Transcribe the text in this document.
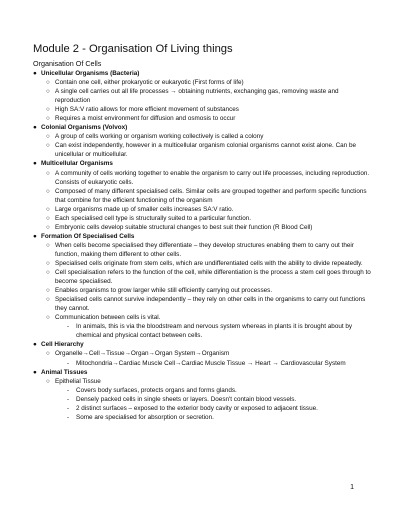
Module 2 - Organisation Of Living things
Organisation Of Cells
● Unicellular Organisms (Bacteria)
○ Contain one cell, either prokaryotic or eukaryotic (First forms of life)
○ A single cell carries out all life processes → obtaining nutrients, exchanging gas, removing waste and reproduction
○ High SA:V ratio allows for more efficient movement of substances
○ Requires a moist environment for diffusion and osmosis to occur
● Colonial Organisms (Volvox)
○ A group of cells working or organism working collectively is called a colony
○ Can exist independently, however in a multicellular organism colonial organisms cannot exist alone. Can be unicellular or multicellular.
● Multicellular Organisms
○ A community of cells working together to enable the organism to carry out life processes, including reproduction. Consists of eukaryotic cells.
○ Composed of many different specialised cells. Similar cells are grouped together and perform specific functions that combine for the efficient functioning of the organism
○ Large organisms made up of smaller cells increases SA:V ratio.
○ Each specialised cell type is structurally suited to a particular function.
○ Embryonic cells develop suitable structural changes to best suit their function (R Blood Cell)
● Formation Of Specialised Cells
○ When cells become specialised they differentiate – they develop structures enabling them to carry out their function, making them different to other cells.
○ Specialised cells originate from stem cells, which are undifferentiated cells with the ability to divide repeatedly.
○ Cell specialisation refers to the function of the cell, while differentiation is the process a stem cell goes through to become specialised.
○ Enables organisms to grow larger while still efficiently carrying out processes.
○ Specialised cells cannot survive independently – they rely on other cells in the organisms to carry out functions they cannot.
○ Communication between cells is vital.
- In animals, this is via the bloodstream and nervous system whereas in plants it is brought about by chemical and physical contact between cells.
● Cell Hierarchy
○ Organelle→Cell→Tissue→Organ→Organ System→Organism
- Mitochondria→Cardiac Muscle Cell→Cardiac Muscle Tissue → Heart → Cardiovascular System
● Animal Tissues
○ Epithelial Tissue
- Covers body surfaces, protects organs and forms glands.
- Densely packed cells in single sheets or layers. Doesn't contain blood vessels.
- 2 distinct surfaces – exposed to the exterior body cavity or exposed to adjacent tissue.
- Some are specialised for absorption or secretion.
1
